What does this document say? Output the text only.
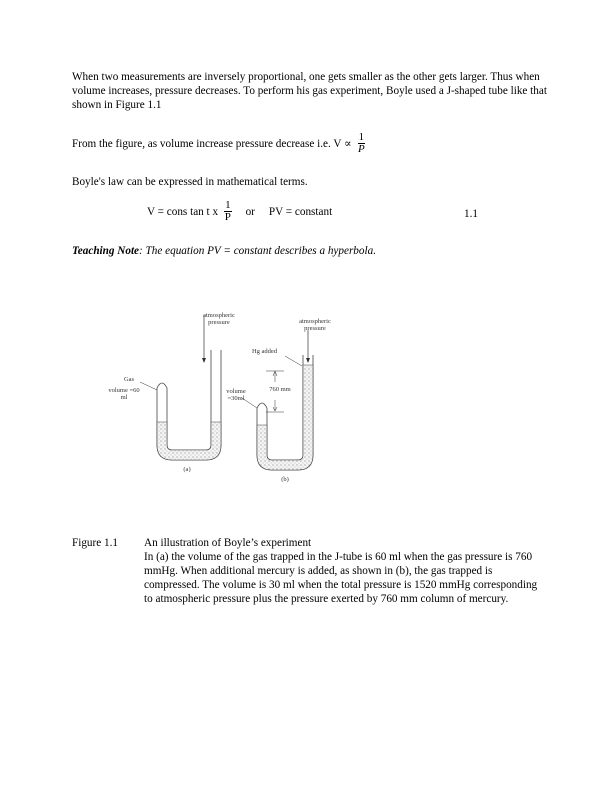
When two measurements are inversely proportional, one gets smaller as the other gets larger. Thus when volume increases, pressure decreases. To perform his gas experiment, Boyle used a J-shaped tube like that shown in Figure 1.1
From the figure, as volume increase pressure decrease i.e. $V \propto \frac{1}{P}$
Boyle's law can be expressed in mathematical terms.
V = cons tan t x $\frac{1}{P}$ or PV = constant	1.1
Teaching Note: The equation PV = constant describes a hyperbola.
atmospheric pressure
Gas
volume =60 ml
(a)
atmospheric pressure
Hg added
760 mm
volume =30ml
(b)
Figure 1.1	An illustration of Boyle’s experiment
In (a) the volume of the gas trapped in the J-tube is 60 ml when the gas pressure is 760 mmHg. When additional mercury is added, as shown in (b), the gas trapped is compressed. The volume is 30 ml when the total pressure is 1520 mmHg corresponding to atmospheric pressure plus the pressure exerted by 760 mm column of mercury.
